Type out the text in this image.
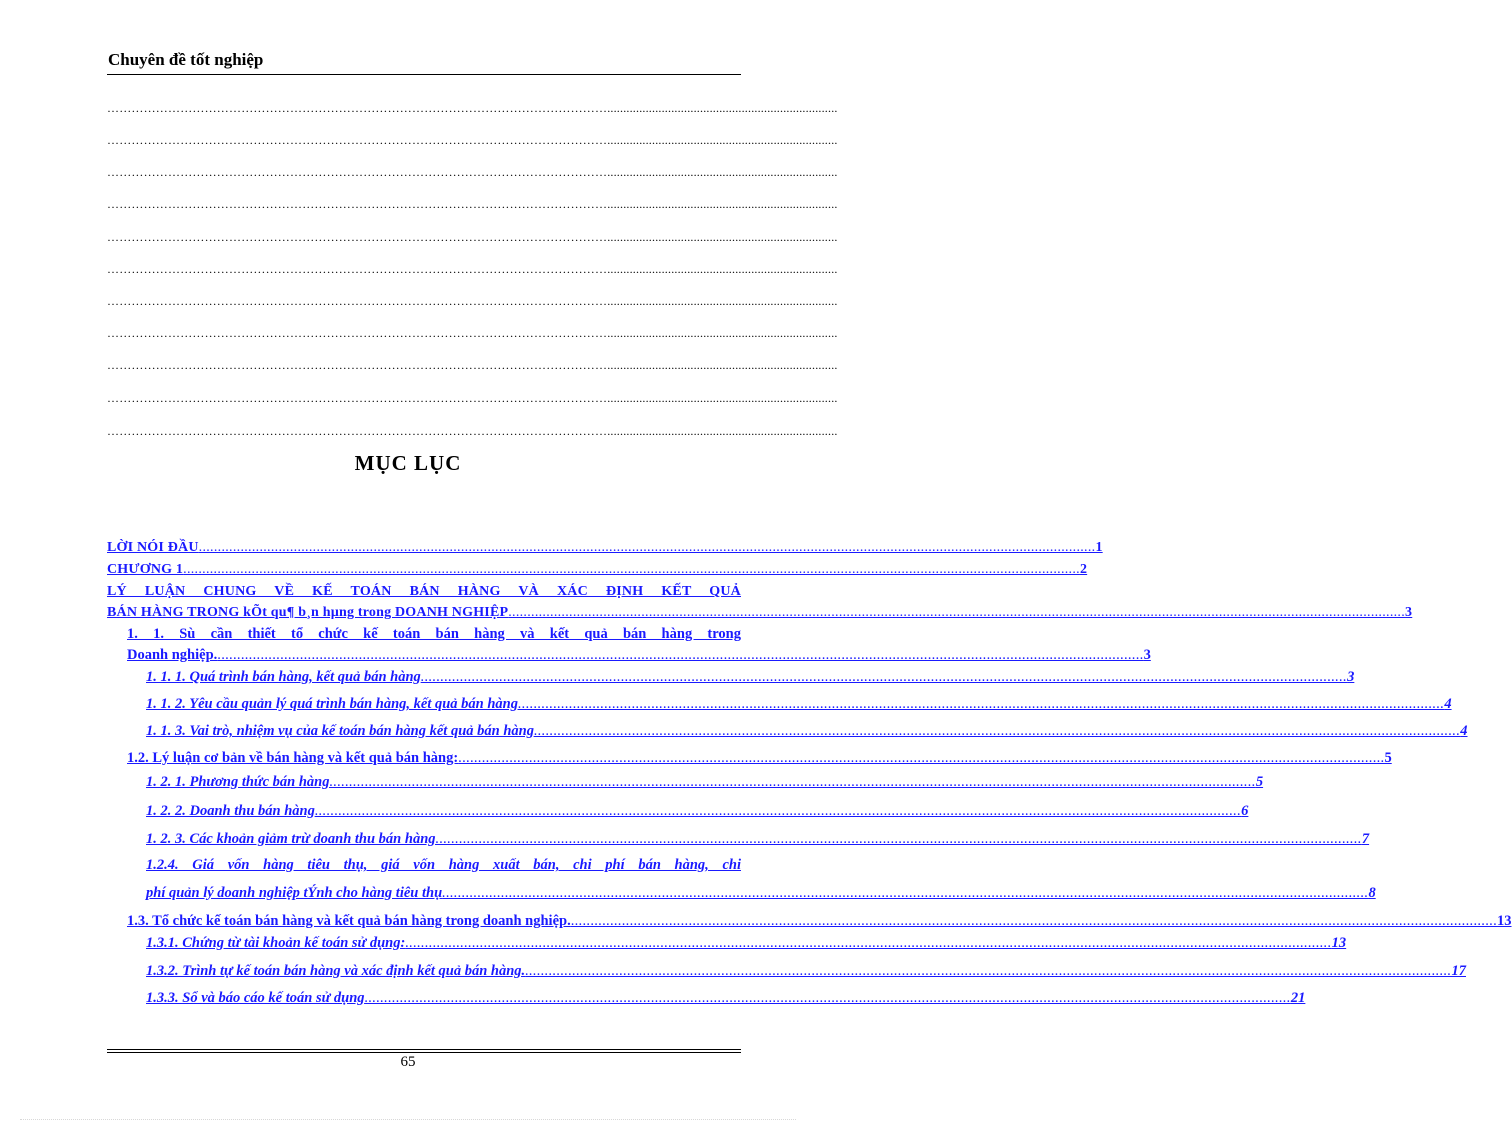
Chuyên đề tốt nghiệp
……………………………………………………………………………………………………………........................................................................
……………………………………………………………………………………………………………........................................................................
……………………………………………………………………………………………………………........................................................................
……………………………………………………………………………………………………………........................................................................
……………………………………………………………………………………………………………........................................................................
……………………………………………………………………………………………………………........................................................................
……………………………………………………………………………………………………………........................................................................
……………………………………………………………………………………………………………........................................................................
……………………………………………………………………………………………………………........................................................................
……………………………………………………………………………………………………………........................................................................
……………………………………………………………………………………………………………........................................................................
MỤC LỤC
LỜI NÓI ĐẦU .....	1
CHƯƠNG 1 .....	2
LÝ LUẬN CHUNG VỀ KẾ TOÁN BÁN HÀNG VÀ XÁC ĐỊNH KẾT QUẢ
BÁN HÀNG TRONG kÕt qu¶ b¸n hµng trong DOANH NGHIỆP .....	3
1. 1. Sù cần thiết tổ chức kế toán bán hàng và kết quả bán hàng trong
Doanh nghiệp. .....	3
1. 1. 1. Quá trình bán hàng, kết quả bán hàng .....	3
1. 1. 2. Yêu cầu quản lý quá trình bán hàng, kết quả bán hàng .....	4
1. 1. 3. Vai trò, nhiệm vụ của kế toán bán hàng kết quả bán hàng .....	4
1.2. Lý luận cơ bản về bán hàng và kết quả bán hàng: .....	5
1. 2. 1. Phương thức bán hàng .....	5
1. 2. 2. Doanh thu bán hàng .....	6
1. 2. 3. Các khoản giảm trừ doanh thu bán hàng .....	7
1.2.4. Giá vốn hàng tiêu thụ, giá vốn hàng xuất bán, chi phí bán hàng, chi
phí quản lý doanh nghiệp tÝnh cho hàng tiêu thụ .....	8
1.3. Tổ chức kế toán bán hàng và kết quả bán hàng trong doanh nghiệp. .....	13
1.3.1. Chứng từ tài khoản kế toán sử dụng: .....	13
1.3.2. Trình tự kế toán bán hàng và xác định kết quả bán hàng. .....	17
1.3.3. Sổ và báo cáo kế toán sử dụng .....	21
65
